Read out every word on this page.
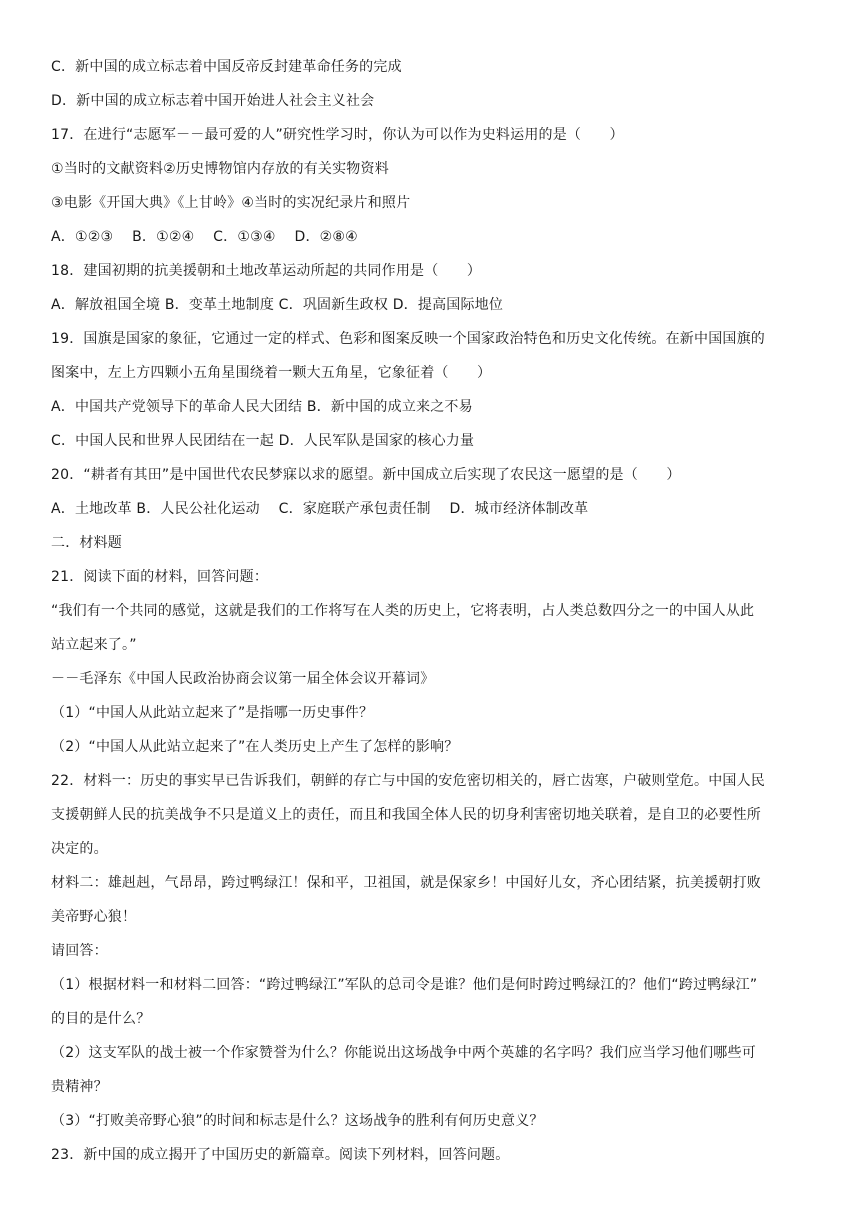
C．新中国的成立标志着中国反帝反封建革命任务的完成
D．新中国的成立标志着中国开始进人社会主义社会
17．在进行“志愿军－－最可爱的人”研究性学习时，你认为可以作为史料运用的是（　　）
①当时的文献资料②历史博物馆内存放的有关实物资料
③电影《开国大典》《上甘岭》④当时的实况纪录片和照片
A．①②③　 B．①②④　 C．①③④　 D．②⑧④
18．建国初期的抗美援朝和土地改革运动所起的共同作用是（　　）
A．解放祖国全境 B．变革土地制度 C．巩固新生政权 D．提高国际地位
19．国旗是国家的象征，它通过一定的样式、色彩和图案反映一个国家政治特色和历史文化传统。在新中国国旗的
图案中，左上方四颗小五角星围绕着一颗大五角星，它象征着（　　）
A．中国共产党领导下的革命人民大团结 B．新中国的成立来之不易
C．中国人民和世界人民团结在一起 D．人民军队是国家的核心力量
20．“耕者有其田”是中国世代农民梦寐以求的愿望。新中国成立后实现了农民这一愿望的是（　　）
A．土地改革 B．人民公社化运动　 C．家庭联产承包责任制　 D．城市经济体制改革
二．材料题
21．阅读下面的材料，回答问题：
“我们有一个共同的感觉，这就是我们的工作将写在人类的历史上，它将表明，占人类总数四分之一的中国人从此
站立起来了。”
－－毛泽东《中国人民政治协商会议第一届全体会议开幕词》
（1）“中国人从此站立起来了”是指哪一历史事件？
（2）“中国人从此站立起来了”在人类历史上产生了怎样的影响？
22．材料一：历史的事实早已告诉我们，朝鲜的存亡与中国的安危密切相关的，唇亡齿寒，户破则堂危。中国人民
支援朝鲜人民的抗美战争不只是道义上的责任，而且和我国全体人民的切身利害密切地关联着，是自卫的必要性所
决定的。
材料二：雄赳赳，气昂昂，跨过鸭绿江！保和平，卫祖国，就是保家乡！中国好儿女，齐心团结紧，抗美援朝打败
美帝野心狼！
请回答：
（1）根据材料一和材料二回答：“跨过鸭绿江”军队的总司令是谁？他们是何时跨过鸭绿江的？他们“跨过鸭绿江”
的目的是什么？
（2）这支军队的战士被一个作家赞誉为什么？你能说出这场战争中两个英雄的名字吗？我们应当学习他们哪些可
贵精神？
（3）“打败美帝野心狼”的时间和标志是什么？这场战争的胜利有何历史意义？
23．新中国的成立揭开了中国历史的新篇章。阅读下列材料，回答问题。
